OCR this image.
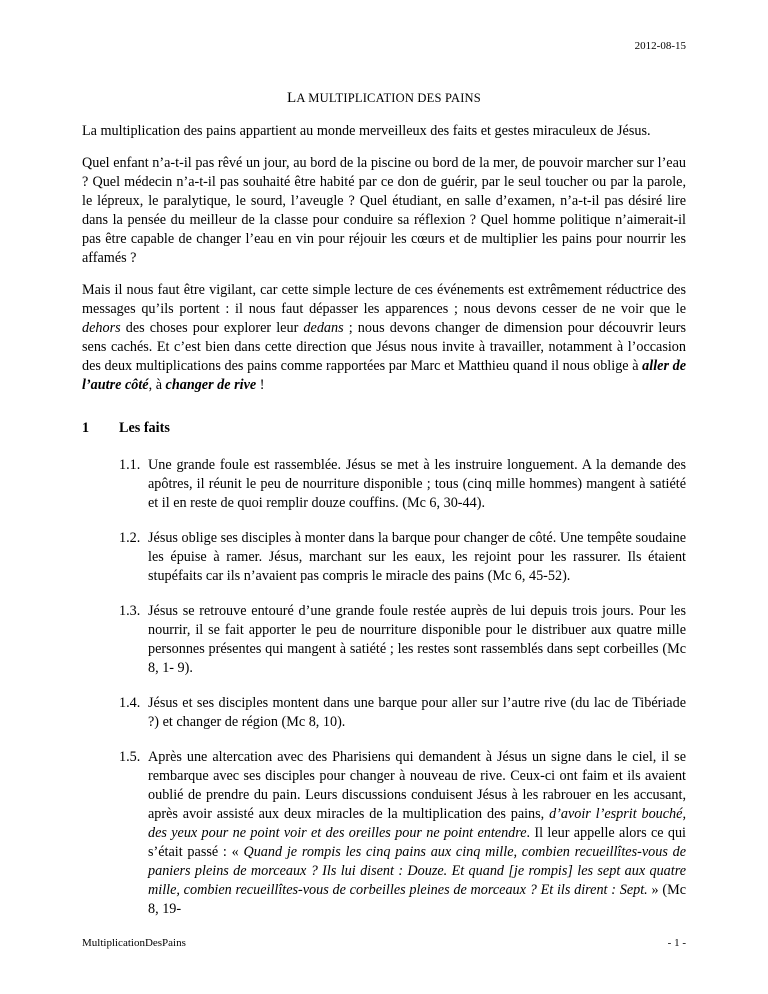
2012-08-15
LA MULTIPLICATION DES PAINS

La multiplication des pains appartient au monde merveilleux des faits et gestes miraculeux de Jésus.

Quel enfant n’a-t-il pas rêvé un jour, au bord de la piscine ou bord de la mer, de pouvoir marcher sur l’eau ? Quel médecin n’a-t-il pas souhaité être habité par ce don de guérir, par le seul toucher ou par la parole, le lépreux, le paralytique, le sourd, l’aveugle ? Quel étudiant, en salle d’examen, n’a-t-il pas désiré lire dans la pensée du meilleur de la classe pour conduire sa réflexion ? Quel homme politique n’aimerait-il pas être capable de changer l’eau en vin pour réjouir les cœurs et de multiplier les pains pour nourrir les affamés ?

Mais il nous faut être vigilant, car cette simple lecture de ces événements est extrêmement réductrice des messages qu’ils portent : il nous faut dépasser les apparences ; nous devons cesser de ne voir que le dehors des choses pour explorer leur dedans ; nous devons changer de dimension pour découvrir leurs sens cachés. Et c’est bien dans cette direction que Jésus nous invite à travailler, notamment à l’occasion des deux multiplications des pains comme rapportées par Marc et Matthieu quand il nous oblige à aller de l’autre côté, à changer de rive !

1	Les faits
1.1. Une grande foule est rassemblée. Jésus se met à les instruire longuement. A la demande des apôtres, il réunit le peu de nourriture disponible ; tous (cinq mille hommes) mangent à satiété et il en reste de quoi remplir douze couffins. (Mc 6, 30-44).
1.2. Jésus oblige ses disciples à monter dans la barque pour changer de côté. Une tempête soudaine les épuise à ramer. Jésus, marchant sur les eaux, les rejoint pour les rassurer. Ils étaient stupéfaits car ils n’avaient pas compris le miracle des pains (Mc 6, 45-52).
1.3. Jésus se retrouve entouré d’une grande foule restée auprès de lui depuis trois jours. Pour les nourrir, il se fait apporter le peu de nourriture disponible pour le distribuer aux quatre mille personnes présentes qui mangent à satiété ; les restes sont rassemblés dans sept corbeilles (Mc 8, 1- 9).
1.4. Jésus et ses disciples montent dans une barque pour aller sur l’autre rive (du lac de Tibériade ?) et changer de région (Mc 8, 10).
1.5. Après une altercation avec des Pharisiens qui demandent à Jésus un signe dans le ciel, il se rembarque avec ses disciples pour changer à nouveau de rive. Ceux-ci ont faim et ils avaient oublié de prendre du pain. Leurs discussions conduisent Jésus à les rabrouer en les accusant, après avoir assisté aux deux miracles de la multiplication des pains, d’avoir l’esprit bouché, des yeux pour ne point voir et des oreilles pour ne point entendre. Il leur appelle alors ce qui s’était passé : « Quand je rompis les cinq pains aux cinq mille, combien recueillîtes-vous de paniers pleins de morceaux ? Ils lui disent : Douze. Et quand [je rompis] les sept aux quatre mille, combien recueillîtes-vous de corbeilles pleines de morceaux ? Et ils dirent : Sept. » (Mc 8, 19-
MultiplicationDesPains	- 1 -
